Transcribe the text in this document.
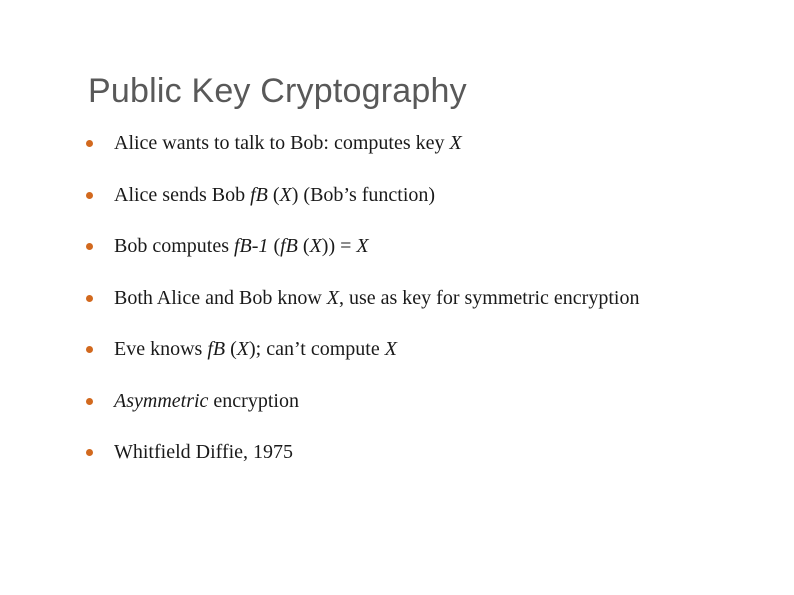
Public Key Cryptography
Alice wants to talk to Bob: computes key X
Alice sends Bob fB (X) (Bob’s function)
Bob computes fB-1 (fB (X)) = X
Both Alice and Bob know X, use as key for symmetric encryption
Eve knows fB (X); can’t compute X
Asymmetric encryption
Whitfield Diffie, 1975
